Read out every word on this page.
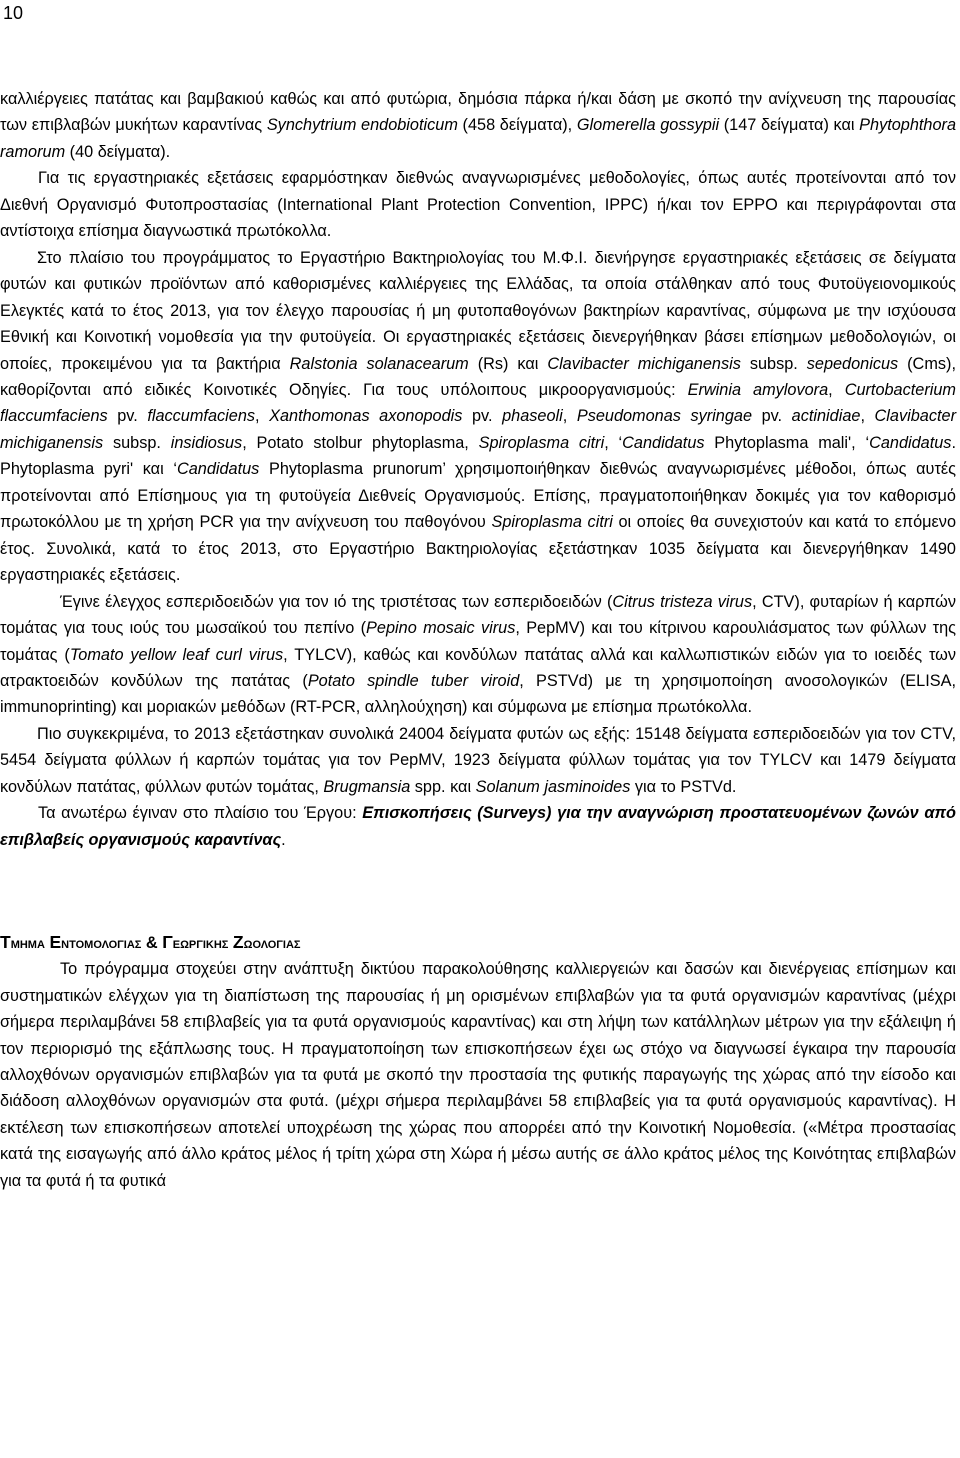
10

καλλιέργειες πατάτας και βαμβακιού καθώς και από φυτώρια, δημόσια πάρκα ή/και δάση με σκοπό την ανίχνευση της παρουσίας των επιβλαβών μυκήτων καραντίνας Synchytrium endobioticum (458 δείγματα), Glomerella gossypii (147 δείγματα) και Phytophthora ramorum (40 δείγματα).

Για τις εργαστηριακές εξετάσεις εφαρμόστηκαν διεθνώς αναγνωρισμένες μεθοδολογίες, όπως αυτές προτείνονται από τον Διεθνή Οργανισμό Φυτοπροστασίας (International Plant Protection Convention, IPPC) ή/και τον EPPO και περιγράφονται στα αντίστοιχα επίσημα διαγνωστικά πρωτόκολλα.

Στο πλαίσιο του προγράμματος το Εργαστήριο Βακτηριολογίας του Μ.Φ.Ι. διενήργησε εργαστηριακές εξετάσεις σε δείγματα φυτών και φυτικών προϊόντων από καθορισμένες καλλιέργειες της Ελλάδας, τα οποία στάλθηκαν από τους Φυτοϋγειονομικούς Ελεγκτές κατά το έτος 2013, για τον έλεγχο παρουσίας ή μη φυτοπαθογόνων βακτηρίων καραντίνας, σύμφωνα με την ισχύουσα Εθνική και Κοινοτική νομοθεσία για την φυτοϋγεία. Οι εργαστηριακές εξετάσεις διενεργήθηκαν βάσει επίσημων μεθοδολογιών, οι οποίες, προκειμένου για τα βακτήρια Ralstonia solanacearum (Rs) και Clavibacter michiganensis subsp. sepedonicus (Cms), καθορίζονται από ειδικές Κοινοτικές Οδηγίες. Για τους υπόλοιπους μικροοργανισμούς: Erwinia amylovora, Curtobacterium flaccumfaciens pv. flaccumfaciens, Xanthomonas axonopodis pv. phaseoli, Pseudomonas syringae pv. actinidiae, Clavibacter michiganensis subsp. insidiosus, Potato stolbur phytoplasma, Spiroplasma citri, ‘Candidatus Phytoplasma mali', ‘Candidatus. Phytoplasma pyri' και ‘Candidatus Phytoplasma prunorum’ χρησιμοποιήθηκαν διεθνώς αναγνωρισμένες μέθοδοι, όπως αυτές προτείνονται από Επίσημους για τη φυτοϋγεία Διεθνείς Οργανισμούς. Επίσης, πραγματοποιήθηκαν δοκιμές για τον καθορισμό πρωτοκόλλου με τη χρήση PCR για την ανίχνευση του παθογόνου Spiroplasma citri οι οποίες θα συνεχιστούν και κατά το επόμενο έτος. Συνολικά, κατά το έτος 2013, στο Εργαστήριο Βακτηριολογίας εξετάστηκαν 1035 δείγματα και διενεργήθηκαν 1490 εργαστηριακές εξετάσεις.

Έγινε έλεγχος εσπεριδοειδών για τον ιό της τριστέτσας των εσπεριδοειδών (Citrus tristeza virus, CTV), φυταρίων ή καρπών τομάτας για τους ιούς του μωσαϊκού του πεπίνο (Pepino mosaic virus, PepMV) και του κίτρινου καρουλιάσματος των φύλλων της τομάτας (Tomato yellow leaf curl virus, TYLCV), καθώς και κονδύλων πατάτας αλλά και καλλωπιστικών ειδών για το ιοειδές των ατρακτοειδών κονδύλων της πατάτας (Potato spindle tuber viroid, PSTVd) με τη χρησιμοποίηση ανοσολογικών (ELISA, immunoprinting) και μοριακών μεθόδων (RT-PCR, αλληλούχηση) και σύμφωνα με επίσημα πρωτόκολλα.

Πιο συγκεκριμένα, το 2013 εξετάστηκαν συνολικά 24004 δείγματα φυτών ως εξής: 15148 δείγματα εσπεριδοειδών για τον CTV, 5454 δείγματα φύλλων ή καρπών τομάτας για τον PepMV, 1923 δείγματα φύλλων τομάτας για τον TYLCV και 1479 δείγματα κονδύλων πατάτας, φύλλων φυτών τομάτας, Brugmansia spp. και Solanum jasminoides για το PSTVd.

Τα ανωτέρω έγιναν στο πλαίσιο του Έργου: Επισκοπήσεις (Surveys) για την αναγνώριση προστατευομένων ζωνών από επιβλαβείς οργανισμούς καραντίνας.

Τμημα Εντομολογιας & Γεωργικης Ζωολογιας

Το πρόγραμμα στοχεύει στην ανάπτυξη δικτύου παρακολούθησης καλλιεργειών και δασών και διενέργειας επίσημων και συστηματικών ελέγχων για τη διαπίστωση της παρουσίας ή μη ορισμένων επιβλαβών για τα φυτά οργανισμών καραντίνας (μέχρι σήμερα περιλαμβάνει 58 επιβλαβείς για τα φυτά οργανισμούς καραντίνας) και στη λήψη των κατάλληλων μέτρων για την εξάλειψη ή τον περιορισμό της εξάπλωσης τους. Η πραγματοποίηση των επισκοπήσεων έχει ως στόχο να διαγνωσεί έγκαιρα την παρουσία αλλοχθόνων οργανισμών επιβλαβών για τα φυτά με σκοπό την προστασία της φυτικής παραγωγής της χώρας από την είσοδο και διάδοση αλλοχθόνων οργανισμών στα φυτά. (μέχρι σήμερα περιλαμβάνει 58 επιβλαβείς για τα φυτά οργανισμούς καραντίνας). Η εκτέλεση των επισκοπήσεων αποτελεί υποχρέωση της χώρας που απορρέει από την Κοινοτική Νομοθεσία. («Μέτρα προστασίας κατά της εισαγωγής από άλλο κράτος μέλος ή τρίτη χώρα στη Χώρα ή μέσω αυτής σε άλλο κράτος μέλος της Κοινότητας επιβλαβών για τα φυτά ή τα φυτικά
